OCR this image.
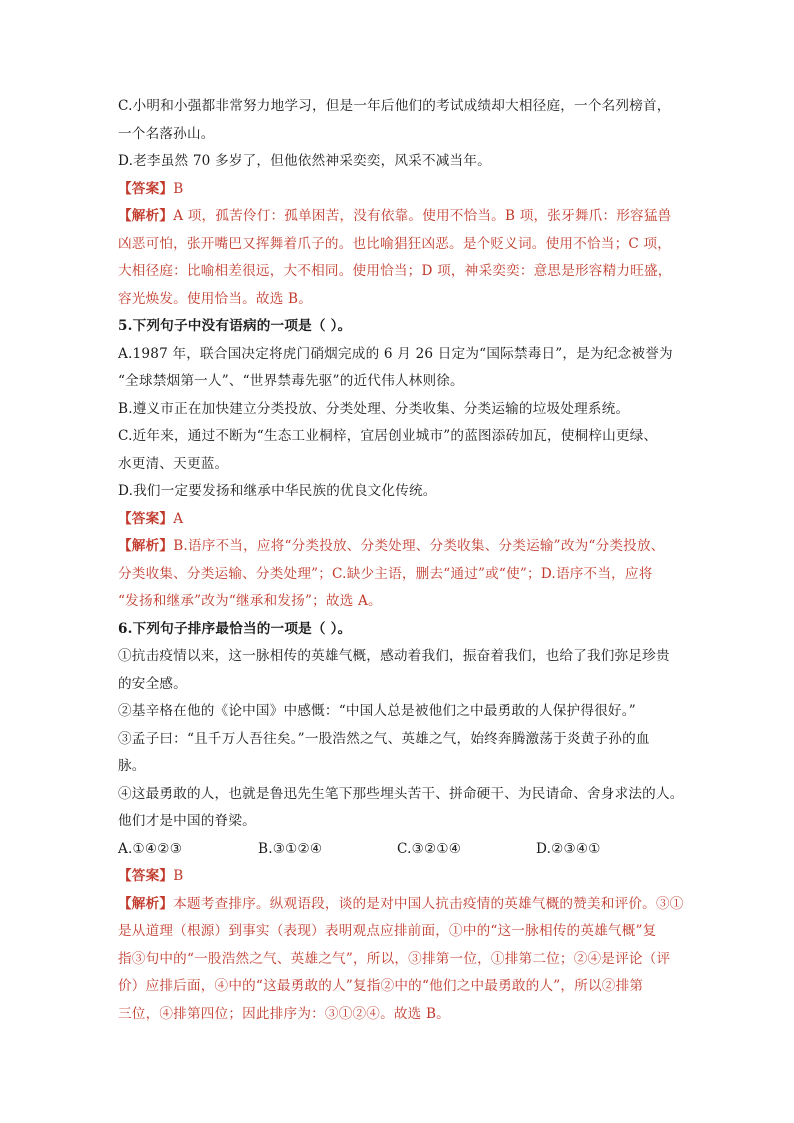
C.小明和小强都非常努力地学习，但是一年后他们的考试成绩却大相径庭，一个名列榜首，
一个名落孙山。
D.老李虽然 70 多岁了，但他依然神采奕奕，风采不减当年。
【答案】B
【解析】A 项，孤苦伶仃：孤单困苦，没有依靠。使用不恰当。B 项，张牙舞爪：形容猛兽
凶恶可怕，张开嘴巴又挥舞着爪子的。也比喻猖狂凶恶。是个贬义词。使用不恰当；C 项，
大相径庭：比喻相差很远，大不相同。使用恰当；D 项，神采奕奕：意思是形容精力旺盛，
容光焕发。使用恰当。故选 B。
5.下列句子中没有语病的一项是（ ）。
A.1987 年，联合国决定将虎门硝烟完成的 6 月 26 日定为“国际禁毒日”，是为纪念被誉为
“全球禁烟第一人”、“世界禁毒先驱”的近代伟人林则徐。
B.遵义市正在加快建立分类投放、分类处理、分类收集、分类运输的垃圾处理系统。
C.近年来，通过不断为“生态工业桐梓，宜居创业城市”的蓝图添砖加瓦，使桐梓山更绿、
水更清、天更蓝。
D.我们一定要发扬和继承中华民族的优良文化传统。
【答案】A
【解析】B.语序不当，应将“分类投放、分类处理、分类收集、分类运输”改为“分类投放、
分类收集、分类运输、分类处理”；C.缺少主语，删去“通过”或“使”；D.语序不当，应将
“发扬和继承”改为“继承和发扬”；故选 A。
6.下列句子排序最恰当的一项是（ ）。
①抗击疫情以来，这一脉相传的英雄气概，感动着我们，振奋着我们，也给了我们弥足珍贵
的安全感。
②基辛格在他的《论中国》中感慨：“中国人总是被他们之中最勇敢的人保护得很好。”
③孟子曰：“且千万人吾往矣。”一股浩然之气、英雄之气，始终奔腾激荡于炎黄子孙的血
脉。
④这最勇敢的人，也就是鲁迅先生笔下那些埋头苦干、拼命硬干、为民请命、舍身求法的人。
他们才是中国的脊梁。
A.①④②③	B.③①②④	C.③②①④	D.②③④①
【答案】B
【解析】本题考查排序。纵观语段，谈的是对中国人抗击疫情的英雄气概的赞美和评价。③①
是从道理（根源）到事实（表现）表明观点应排前面，①中的“这一脉相传的英雄气概”复
指③句中的“一股浩然之气、英雄之气”，所以，③排第一位，①排第二位；②④是评论（评
价）应排后面，④中的“这最勇敢的人”复指②中的“他们之中最勇敢的人”，所以②排第
三位，④排第四位；因此排序为：③①②④。故选 B。
